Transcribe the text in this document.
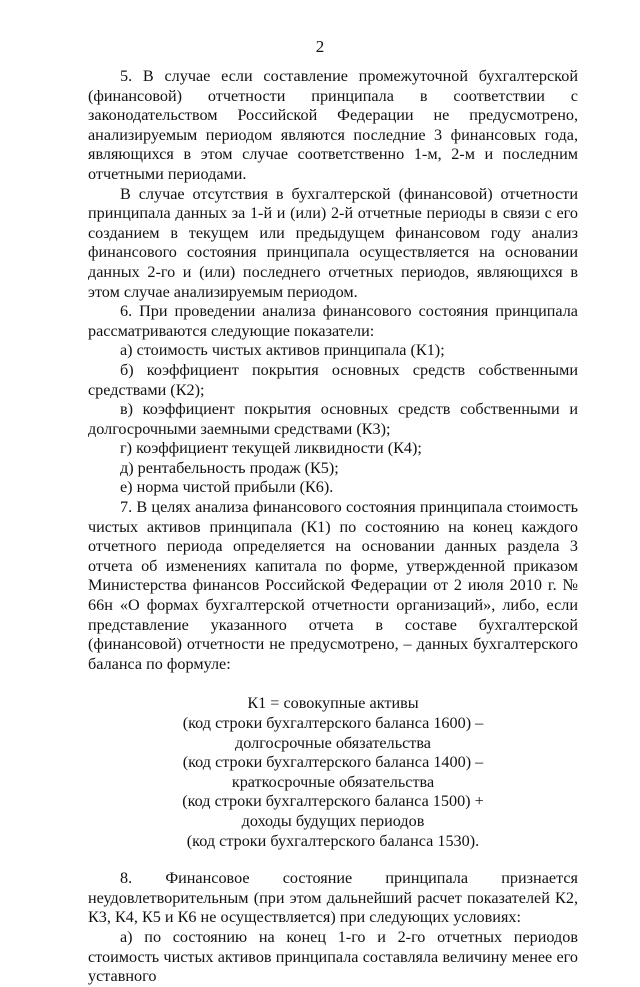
2

5. В случае если составление промежуточной бухгалтерской (финансовой) отчетности принципала в соответствии с законодательством Российской Федерации не предусмотрено, анализируемым периодом являются последние 3 финансовых года, являющихся в этом случае соответственно 1-м, 2-м и последним отчетными периодами.

В случае отсутствия в бухгалтерской (финансовой) отчетности принципала данных за 1-й и (или) 2-й отчетные периоды в связи с его созданием в текущем или предыдущем финансовом году анализ финансового состояния принципала осуществляется на основании данных 2-го и (или) последнего отчетных периодов, являющихся в этом случае анализируемым периодом.

6. При проведении анализа финансового состояния принципала рассматриваются следующие показатели:

а) стоимость чистых активов принципала (К1);

б) коэффициент покрытия основных средств собственными средствами (К2);

в) коэффициент покрытия основных средств собственными и долгосрочными заемными средствами (К3);

г) коэффициент текущей ликвидности (К4);

д) рентабельность продаж (К5);

е) норма чистой прибыли (К6).

7. В целях анализа финансового состояния принципала стоимость чистых активов принципала (К1) по состоянию на конец каждого отчетного периода определяется на основании данных раздела 3 отчета об изменениях капитала по форме, утвержденной приказом Министерства финансов Российской Федерации от 2 июля 2010 г. № 66н «О формах бухгалтерской отчетности организаций», либо, если представление указанного отчета в составе бухгалтерской (финансовой) отчетности не предусмотрено, – данных бухгалтерского баланса по формуле:

К1 = совокупные активы
(код строки бухгалтерского баланса 1600) –
долгосрочные обязательства
(код строки бухгалтерского баланса 1400) –
краткосрочные обязательства
(код строки бухгалтерского баланса 1500) +
доходы будущих периодов
(код строки бухгалтерского баланса 1530).

8. Финансовое состояние принципала признается неудовлетворительным (при этом дальнейший расчет показателей К2, К3, К4, К5 и К6 не осуществляется) при следующих условиях:

а) по состоянию на конец 1-го и 2-го отчетных периодов стоимость чистых активов принципала составляла величину менее его уставного
